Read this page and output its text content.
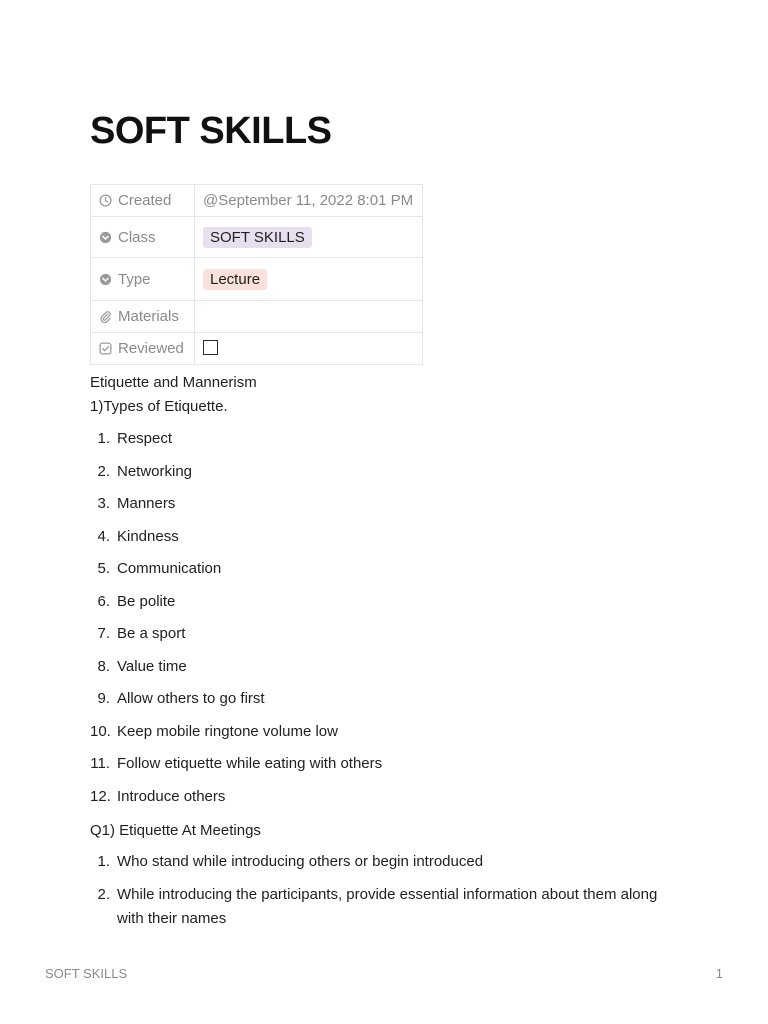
SOFT SKILLS
Created	@September 11, 2022 8:01 PM
Class	SOFT SKILLS
Type	Lecture
Materials	
Reviewed	
Etiquette and Mannerism
1)Types of Etiquette.
1. Respect
2. Networking
3. Manners
4. Kindness
5. Communication
6. Be polite
7. Be a sport
8. Value time
9. Allow others to go first
10. Keep mobile ringtone volume low
11. Follow etiquette while eating with others
12. Introduce others
Q1) Etiquette At Meetings
1. Who stand while introducing others or begin introduced
2. While introducing the participants, provide essential information about them along with their names
SOFT SKILLS	1
